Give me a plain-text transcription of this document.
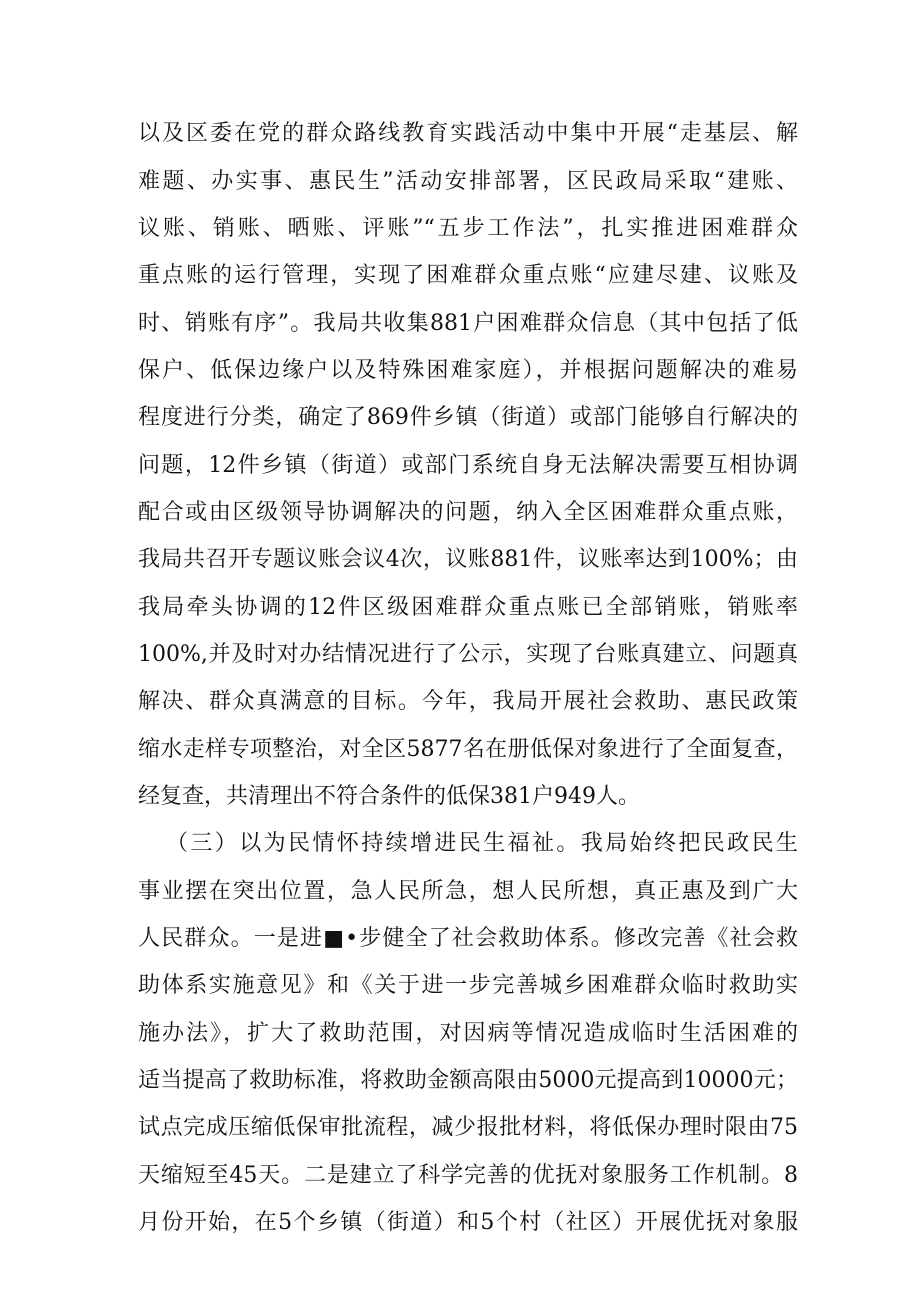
以及区委在党的群众路线教育实践活动中集中开展“走基层、解

难题、办实事、惠民生”活动安排部署，区民政局采取“建账、

议账、销账、晒账、评账”“五步工作法”，扎实推进困难群众

重点账的运行管理，实现了困难群众重点账“应建尽建、议账及

时、销账有序”。我局共收集881户困难群众信息（其中包括了低

保户、低保边缘户以及特殊困难家庭），并根据问题解决的难易

程度进行分类，确定了869件乡镇（街道）或部门能够自行解决的

问题，12件乡镇（街道）或部门系统自身无法解决需要互相协调

配合或由区级领导协调解决的问题，纳入全区困难群众重点账，

我局共召开专题议账会议4次，议账881件，议账率达到100%；由

我局牵头协调的12件区级困难群众重点账已全部销账，销账率

100%,并及时对办结情况进行了公示，实现了台账真建立、问题真

解决、群众真满意的目标。今年，我局开展社会救助、惠民政策

缩水走样专项整治，对全区5877名在册低保对象进行了全面复查，

经复查，共清理出不符合条件的低保381户949人。

（三）以为民情怀持续增进民生福祉。我局始终把民政民生

事业摆在突出位置，急人民所急，想人民所想，真正惠及到广大

人民群众。一是进■•步健全了社会救助体系。修改完善《社会救

助体系实施意见》和《关于进一步完善城乡困难群众临时救助实

施办法》，扩大了救助范围，对因病等情况造成临时生活困难的

适当提高了救助标准，将救助金额高限由5000元提高到10000元；

试点完成压缩低保审批流程，减少报批材料，将低保办理时限由75

天缩短至45天。二是建立了科学完善的优抚对象服务工作机制。8

月份开始，在5个乡镇（街道）和5个村（社区）开展优抚对象服
